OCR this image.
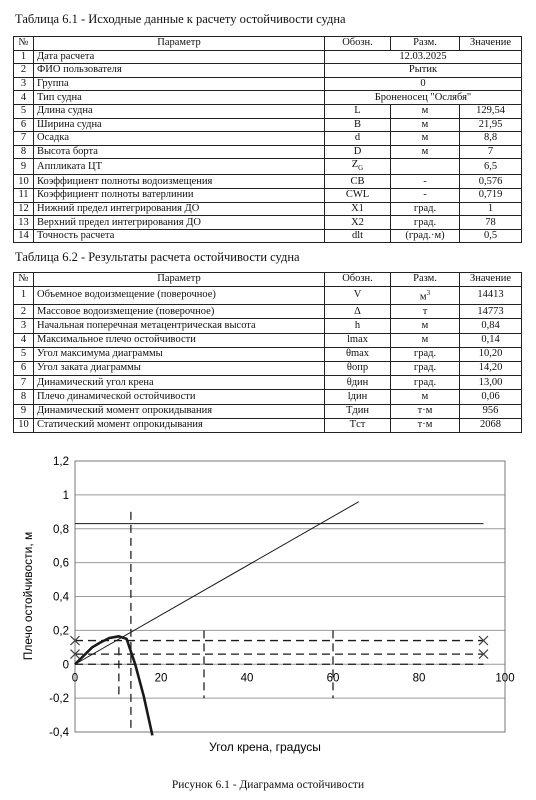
Таблица 6.1 - Исходные данные к расчету остойчивости судна
№	Параметр	Обозн.	Разм.	Значение
1	Дата расчета	12.03.2025		
2	ФИО пользователя	Рытик		
3	Группа	0		
4	Тип судна	Броненосец "Ослябя"		
5	Длина судна	L	м	129,54
6	Ширина судна	B	м	21,95
7	Осадка	d	м	8,8
8	Высота борта	D	м	7
9	Аппликата ЦТ	$Z_G$		6,5
10	Коэффициент полноты водоизмещения	CB	-	0,576
11	Коэффициент полноты ватерлинии	CWL	-	0,719
12	Нижний предел интегрирования ДО	X1	град.	1
13	Верхний предел интегрирования ДО	X2	град.	78
14	Точность расчета	dlt	(град.·м)	0,5
Таблица 6.2 - Результаты расчета остойчивости судна
№	Параметр	Обозн.	Разм.	Значение
1	Объемное водоизмещение (поверочное)	V	$м^3$	14413
2	Массовое водоизмещение (поверочное)	Δ	т	14773
3	Начальная поперечная метацентрическая высота	h	м	0,84
4	Максимальное плечо остойчивости	lmax	м	0,14
5	Угол максимума диаграммы	θmax	град.	10,20
6	Угол заката диаграммы	θопр	град.	14,20
7	Динамический угол крена	θдин	град.	13,00
8	Плечо динамической остойчивости	lдин	м	0,06
9	Динамический момент опрокидывания	Tдин	т·м	956
10	Статический момент опрокидывания	Tст	т·м	2068
-0,4
-0,2
0
0,2
0,4
0,6
0,8
1
1,2
0	20	40	60	80	100
Угол крена, градусы
Плечо остойчивости, м
Рисунок 6.1 - Диаграмма остойчивости
